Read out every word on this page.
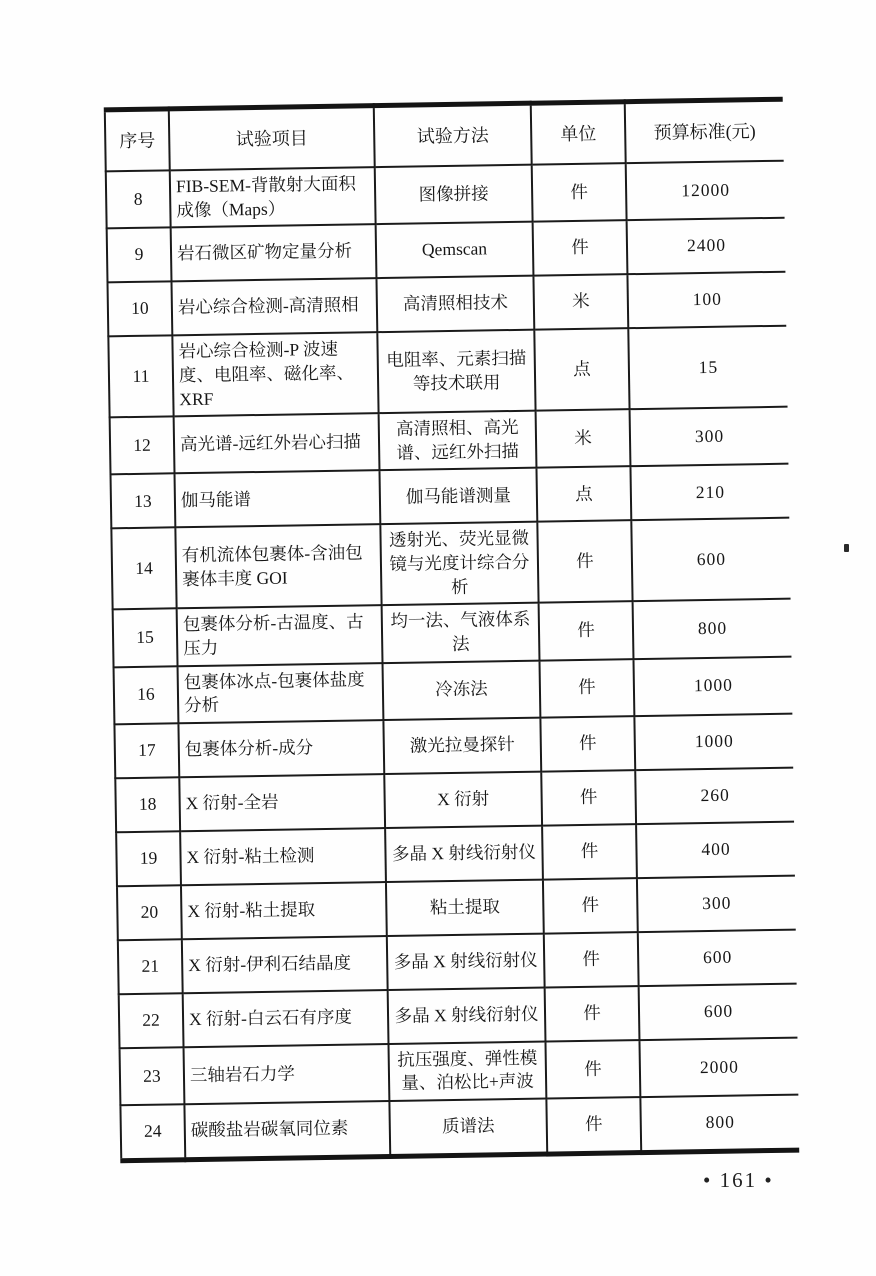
序号	试验项目	试验方法	单位	预算标准(元)
8	FIB-SEM-背散射大面积成像（Maps）	图像拼接	件	12000
9	岩石微区矿物定量分析	Qemscan	件	2400
10	岩心综合检测-高清照相	高清照相技术	米	100
11	岩心综合检测-P 波速度、电阻率、磁化率、XRF	电阻率、元素扫描等技术联用	点	15
12	高光谱-远红外岩心扫描	高清照相、高光谱、远红外扫描	米	300
13	伽马能谱	伽马能谱测量	点	210
14	有机流体包裹体-含油包裹体丰度 GOI	透射光、荧光显微镜与光度计综合分析	件	600
15	包裹体分析-古温度、古压力	均一法、气液体系法	件	800
16	包裹体冰点-包裹体盐度分析	冷冻法	件	1000
17	包裹体分析-成分	激光拉曼探针	件	1000
18	X 衍射-全岩	X 衍射	件	260
19	X 衍射-粘土检测	多晶 X 射线衍射仪	件	400
20	X 衍射-粘土提取	粘土提取	件	300
21	X 衍射-伊利石结晶度	多晶 X 射线衍射仪	件	600
22	X 衍射-白云石有序度	多晶 X 射线衍射仪	件	600
23	三轴岩石力学	抗压强度、弹性模量、泊松比+声波	件	2000
24	碳酸盐岩碳氧同位素	质谱法	件	800
• 161 •
